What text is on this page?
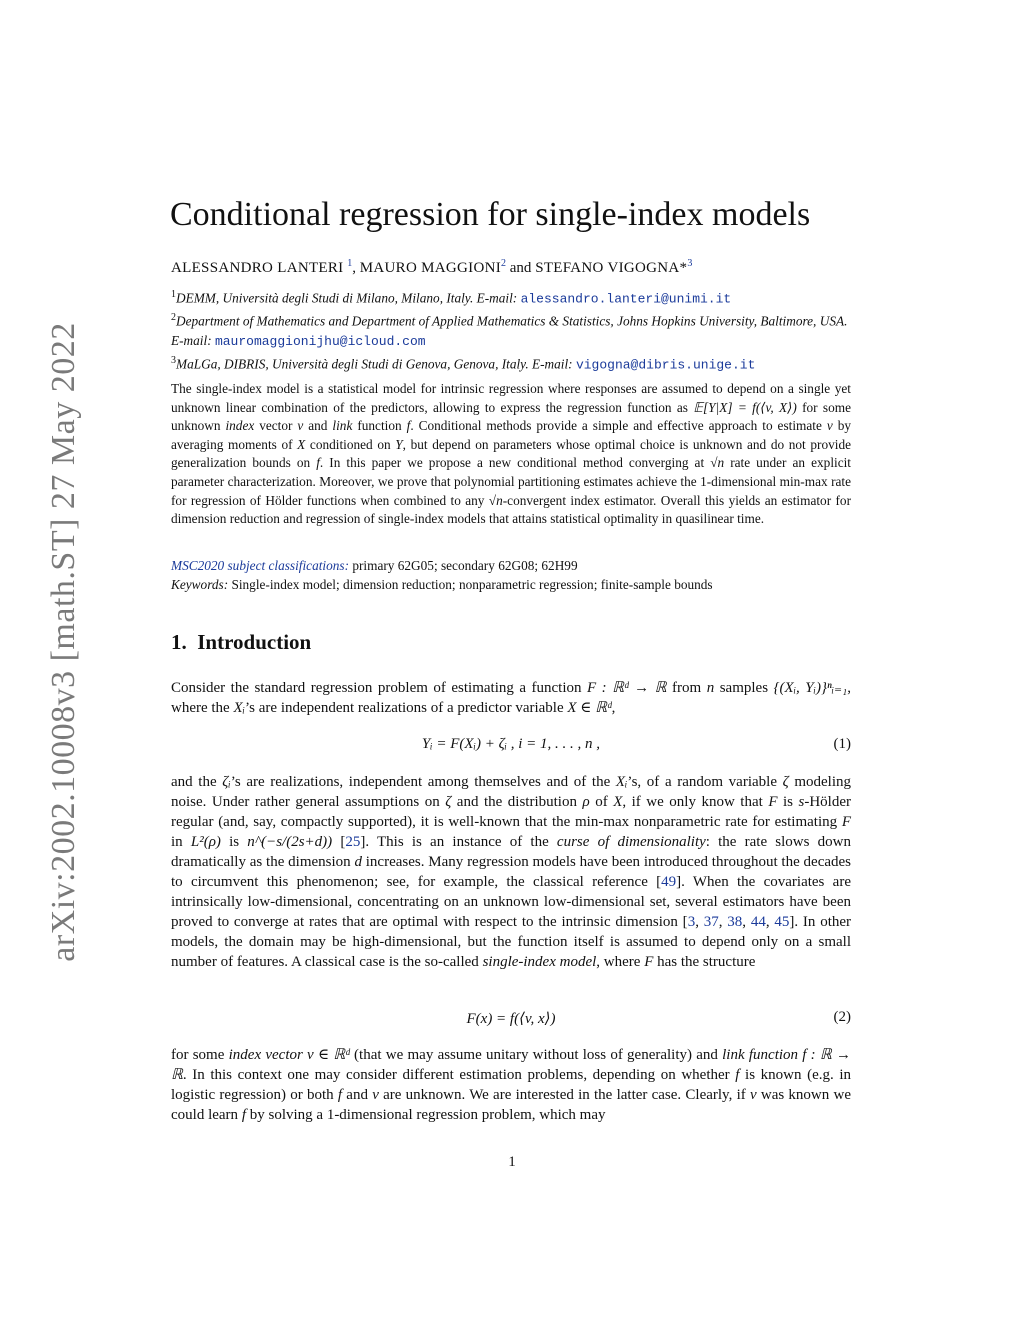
arXiv:2002.10008v3 [math.ST] 27 May 2022
Conditional regression for single-index models
ALESSANDRO LANTERI $^1$, MAURO MAGGIONI$^2$ and STEFANO VIGOGNA*$^3$
$^1$DEMM, Università degli Studi di Milano, Milano, Italy. E-mail: alessandro.lanteri@unimi.it
$^2$Department of Mathematics and Department of Applied Mathematics & Statistics, Johns Hopkins University, Baltimore, USA. E-mail: mauromaggionijhu@icloud.com
$^3$MaLGa, DIBRIS, Università degli Studi di Genova, Genova, Italy. E-mail: vigogna@dibris.unige.it
The single-index model is a statistical model for intrinsic regression where responses are assumed to depend on a single yet unknown linear combination of the predictors, allowing to express the regression function as 𝔼[Y|X] = f(⟨v, X⟩) for some unknown index vector v and link function f. Conditional methods provide a simple and effective approach to estimate v by averaging moments of X conditioned on Y, but depend on parameters whose optimal choice is unknown and do not provide generalization bounds on f. In this paper we propose a new conditional method converging at √n rate under an explicit parameter characterization. Moreover, we prove that polynomial partitioning estimates achieve the 1-dimensional min-max rate for regression of Hölder functions when combined to any √n-convergent index estimator. Overall this yields an estimator for dimension reduction and regression of single-index models that attains statistical optimality in quasilinear time.
MSC2020 subject classifications: primary 62G05; secondary 62G08; 62H99
Keywords: Single-index model; dimension reduction; nonparametric regression; finite-sample bounds
1. Introduction
Consider the standard regression problem of estimating a function F : ℝᵈ → ℝ from n samples {(Xᵢ, Yᵢ)}ⁿᵢ₌₁, where the Xᵢ’s are independent realizations of a predictor variable X ∈ ℝᵈ,
Yᵢ = F(Xᵢ) + ζᵢ , i = 1, . . . , n ,	(1)
and the ζᵢ’s are realizations, independent among themselves and of the Xᵢ’s, of a random variable ζ modeling noise. Under rather general assumptions on ζ and the distribution ρ of X, if we only know that F is s-Hölder regular (and, say, compactly supported), it is well-known that the min-max nonparametric rate for estimating F in L²(ρ) is n^(−s/(2s+d)) [25]. This is an instance of the curse of dimensionality: the rate slows down dramatically as the dimension d increases. Many regression models have been introduced throughout the decades to circumvent this phenomenon; see, for example, the classical reference [49]. When the covariates are intrinsically low-dimensional, concentrating on an unknown low-dimensional set, several estimators have been proved to converge at rates that are optimal with respect to the intrinsic dimension [3, 37, 38, 44, 45]. In other models, the domain may be high-dimensional, but the function itself is assumed to depend only on a small number of features. A classical case is the so-called single-index model, where F has the structure
F(x) = f(⟨v, x⟩)	(2)
for some index vector v ∈ ℝᵈ (that we may assume unitary without loss of generality) and link function f : ℝ → ℝ. In this context one may consider different estimation problems, depending on whether f is known (e.g. in logistic regression) or both f and v are unknown. We are interested in the latter case. Clearly, if v was known we could learn f by solving a 1-dimensional regression problem, which may
1
